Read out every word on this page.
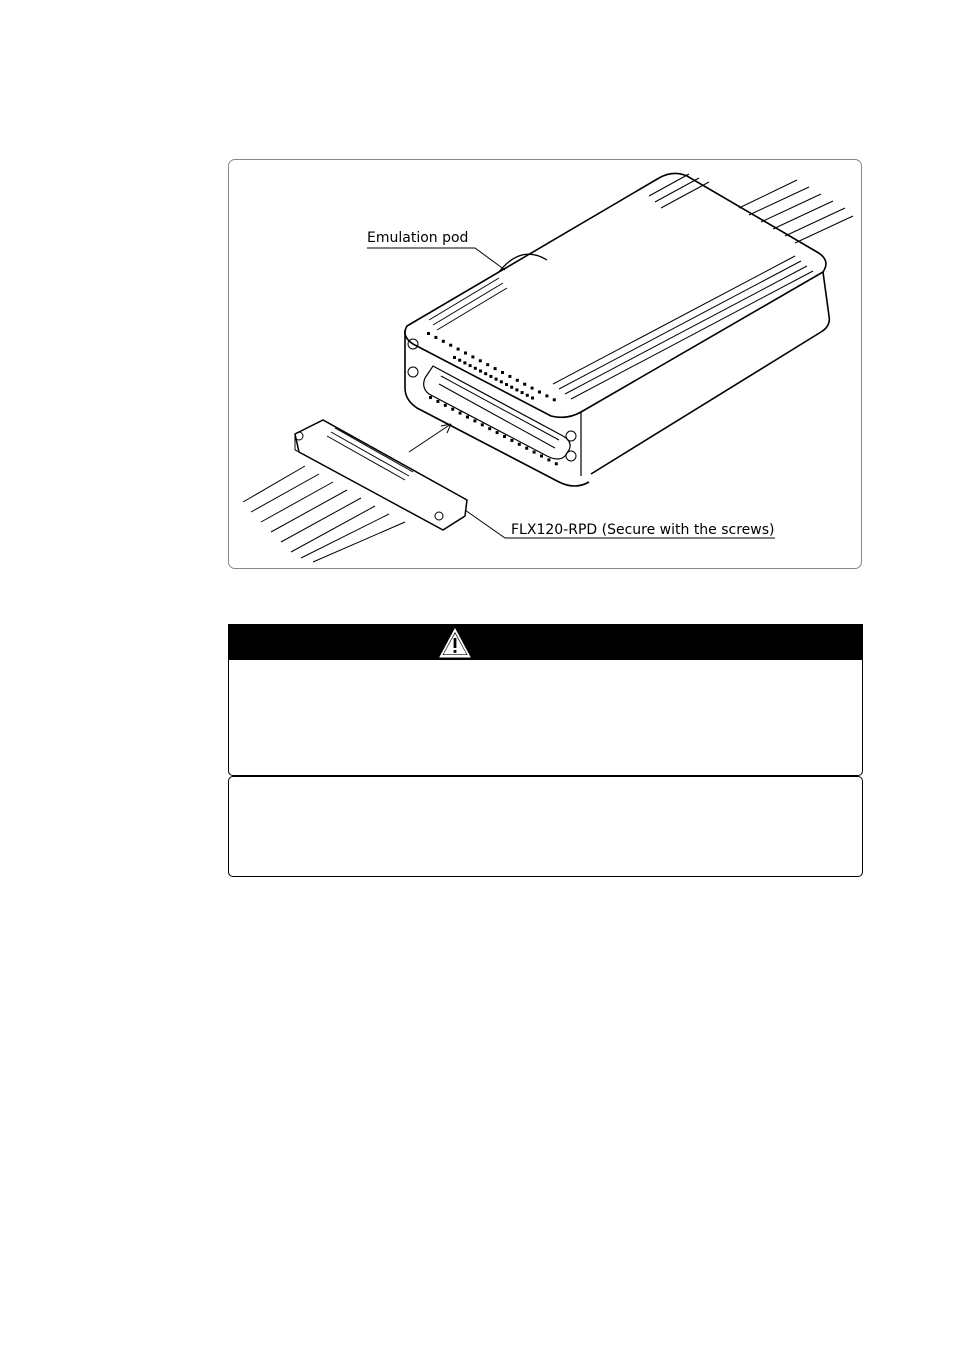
Emulation pod
FLX120-RPD (Secure with the screws)
